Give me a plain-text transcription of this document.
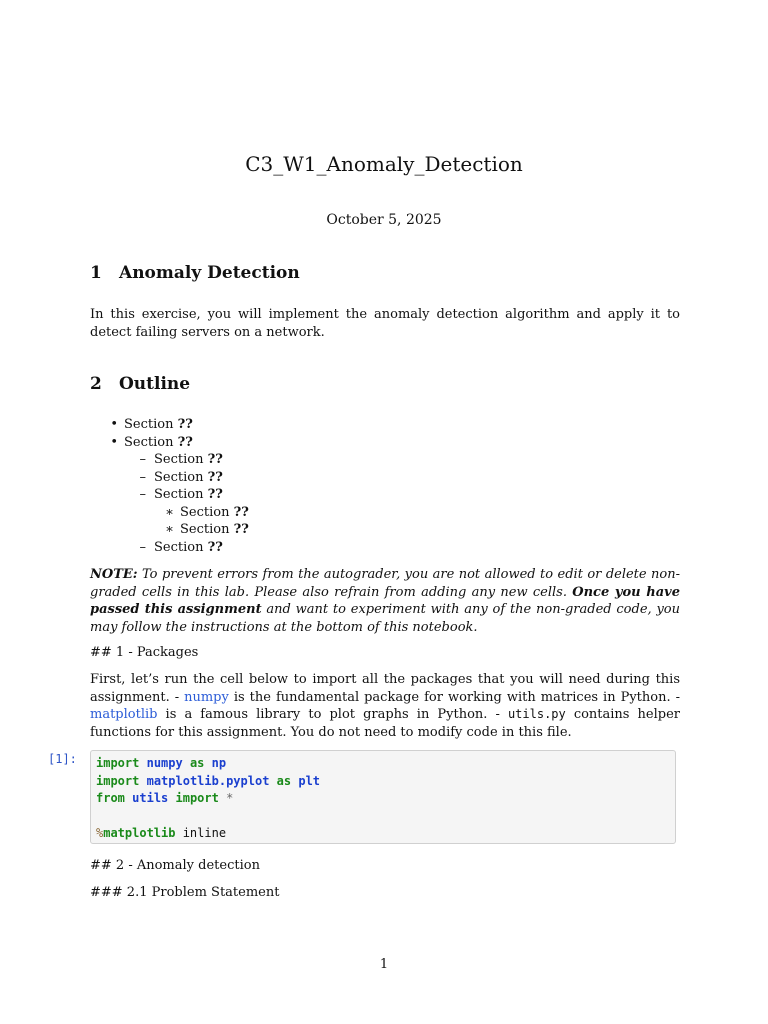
C3_W1_Anomaly_Detection
October 5, 2025
1 Anomaly Detection
In this exercise, you will implement the anomaly detection algorithm and apply it to detect failing servers on a network.
2 Outline
• Section ??
• Section ??
– Section ??
– Section ??
– Section ??
∗ Section ??
∗ Section ??
– Section ??
NOTE: To prevent errors from the autograder, you are not allowed to edit or delete non-graded cells in this lab. Please also refrain from adding any new cells. Once you have passed this assignment and want to experiment with any of the non-graded code, you may follow the instructions at the bottom of this notebook.
## 1 - Packages
First, let’s run the cell below to import all the packages that you will need during this assignment. - numpy is the fundamental package for working with matrices in Python. - matplotlib is a famous library to plot graphs in Python. - utils.py contains helper functions for this assignment. You do not need to modify code in this file.
[1]:	import numpy as np
import matplotlib.pyplot as plt
from utils import *

%matplotlib inline
## 2 - Anomaly detection
### 2.1 Problem Statement
1
